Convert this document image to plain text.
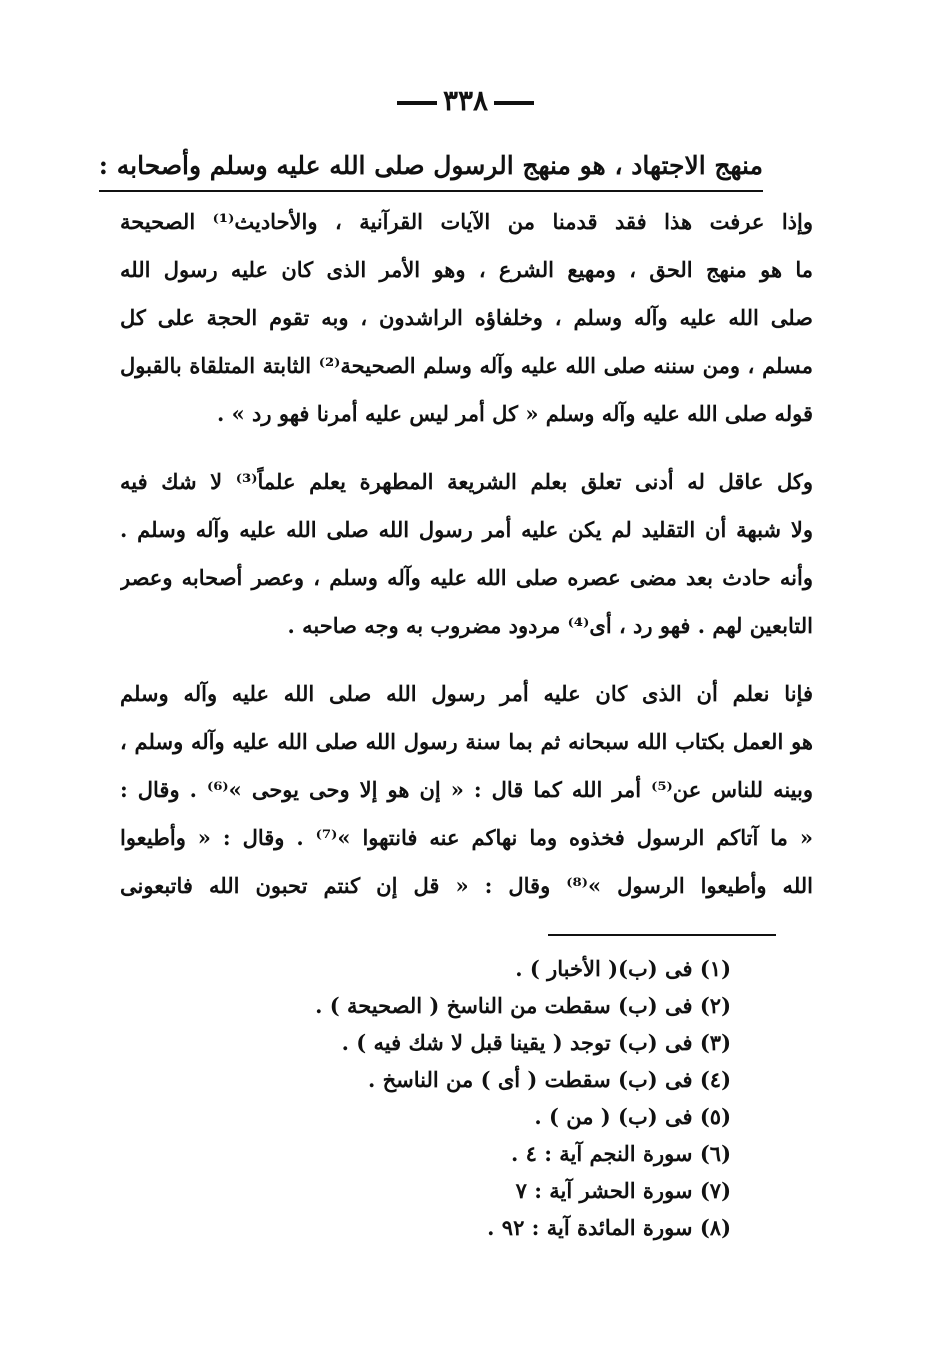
٣٣٨
منهج الاجتهاد ، هو منهج الرسول صلى الله عليه وسلم وأصحابه :

وإذا عرفت هذا فقد قدمنا من الآيات القرآنية ، والأحاديث⁽¹⁾ الصحيحة
ما هو منهج الحق ، ومهيع الشرع ، وهو الأمر الذى كان عليه رسول الله
صلى الله عليه وآله وسلم ، وخلفاؤه الراشدون ، وبه تقوم الحجة على كل
مسلم ، ومن سننه صلى الله عليه وآله وسلم الصحيحة⁽²⁾ الثابتة المتلقاة بالقبول
قوله صلى الله عليه وآله وسلم « كل أمر ليس عليه أمرنا فهو رد » .

وكل عاقل له أدنى تعلق بعلم الشريعة المطهرة يعلم علماً⁽³⁾ لا شك فيه
ولا شبهة أن التقليد لم يكن عليه أمر رسول الله صلى الله عليه وآله وسلم .
وأنه حادث بعد مضى عصره صلى الله عليه وآله وسلم ، وعصر أصحابه وعصر
التابعين لهم . فهو رد ، أى⁽⁴⁾ مردود مضروب به وجه صاحبه .

فإنا نعلم أن الذى كان عليه أمر رسول الله صلى الله عليه وآله وسلم
هو العمل بكتاب الله سبحانه ثم بما سنة رسول الله صلى الله عليه وآله وسلم ،
وبينه للناس عن⁽⁵⁾ أمر الله كما قال : « إن هو إلا وحى يوحى »⁽⁶⁾ . وقال :
« ما آتاكم الرسول فخذوه وما نهاكم عنه فانتهوا »⁽⁷⁾ . وقال : « وأطيعوا
الله وأطيعوا الرسول »⁽⁸⁾ وقال : « قل إن كنتم تحبون الله فاتبعونى

(١) فى (ب)( الأخبار ) .
(٢) فى (ب) سقطت من الناسخ ( الصحيحة ) .
(٣) فى (ب) توجد ( يقينا قبل لا شك فيه ) .
(٤) فى (ب) سقطت ( أى ) من الناسخ .
(٥) فى (ب) ( من ) .
(٦) سورة النجم آية : ٤ .
(٧) سورة الحشر آية : ٧
(٨) سورة المائدة آية : ٩٢ .
